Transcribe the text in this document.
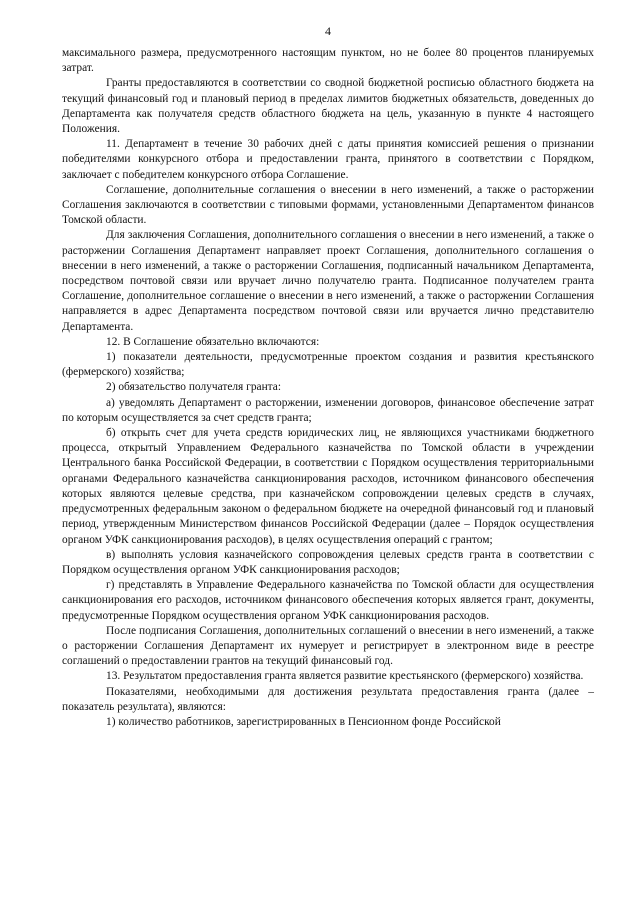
4

максимального размера, предусмотренного настоящим пунктом, но не более 80 процентов планируемых затрат.

Гранты предоставляются в соответствии со сводной бюджетной росписью областного бюджета на текущий финансовый год и плановый период в пределах лимитов бюджетных обязательств, доведенных до Департамента как получателя средств областного бюджета на цель, указанную в пункте 4 настоящего Положения.

11. Департамент в течение 30 рабочих дней с даты принятия комиссией решения о признании победителями конкурсного отбора и предоставлении гранта, принятого в соответствии с Порядком, заключает с победителем конкурсного отбора Соглашение.

Соглашение, дополнительные соглашения о внесении в него изменений, а также о расторжении Соглашения заключаются в соответствии с типовыми формами, установленными Департаментом финансов Томской области.

Для заключения Соглашения, дополнительного соглашения о внесении в него изменений, а также о расторжении Соглашения Департамент направляет проект Соглашения, дополнительного соглашения о внесении в него изменений, а также о расторжении Соглашения, подписанный начальником Департамента, посредством почтовой связи или вручает лично получателю гранта. Подписанное получателем гранта Соглашение, дополнительное соглашение о внесении в него изменений, а также о расторжении Соглашения направляется в адрес Департамента посредством почтовой связи или вручается лично представителю Департамента.

12. В Соглашение обязательно включаются:

1) показатели деятельности, предусмотренные проектом создания и развития крестьянского (фермерского) хозяйства;

2) обязательство получателя гранта:

а) уведомлять Департамент о расторжении, изменении договоров, финансовое обеспечение затрат по которым осуществляется за счет средств гранта;

б) открыть счет для учета средств юридических лиц, не являющихся участниками бюджетного процесса, открытый Управлением Федерального казначейства по Томской области в учреждении Центрального банка Российской Федерации, в соответствии с Порядком осуществления территориальными органами Федерального казначейства санкционирования расходов, источником финансового обеспечения которых являются целевые средства, при казначейском сопровождении целевых средств в случаях, предусмотренных федеральным законом о федеральном бюджете на очередной финансовый год и плановый период, утвержденным Министерством финансов Российской Федерации (далее – Порядок осуществления органом УФК санкционирования расходов), в целях осуществления операций с грантом;

в) выполнять условия казначейского сопровождения целевых средств гранта в соответствии с Порядком осуществления органом УФК санкционирования расходов;

г) представлять в Управление Федерального казначейства по Томской области для осуществления санкционирования его расходов, источником финансового обеспечения которых является грант, документы, предусмотренные Порядком осуществления органом УФК санкционирования расходов.

После подписания Соглашения, дополнительных соглашений о внесении в него изменений, а также о расторжении Соглашения Департамент их нумерует и регистрирует в электронном виде в реестре соглашений о предоставлении грантов на текущий финансовый год.

13. Результатом предоставления гранта является развитие крестьянского (фермерского) хозяйства.

Показателями, необходимыми для достижения результата предоставления гранта (далее – показатель результата), являются:

1) количество работников, зарегистрированных в Пенсионном фонде Российской
